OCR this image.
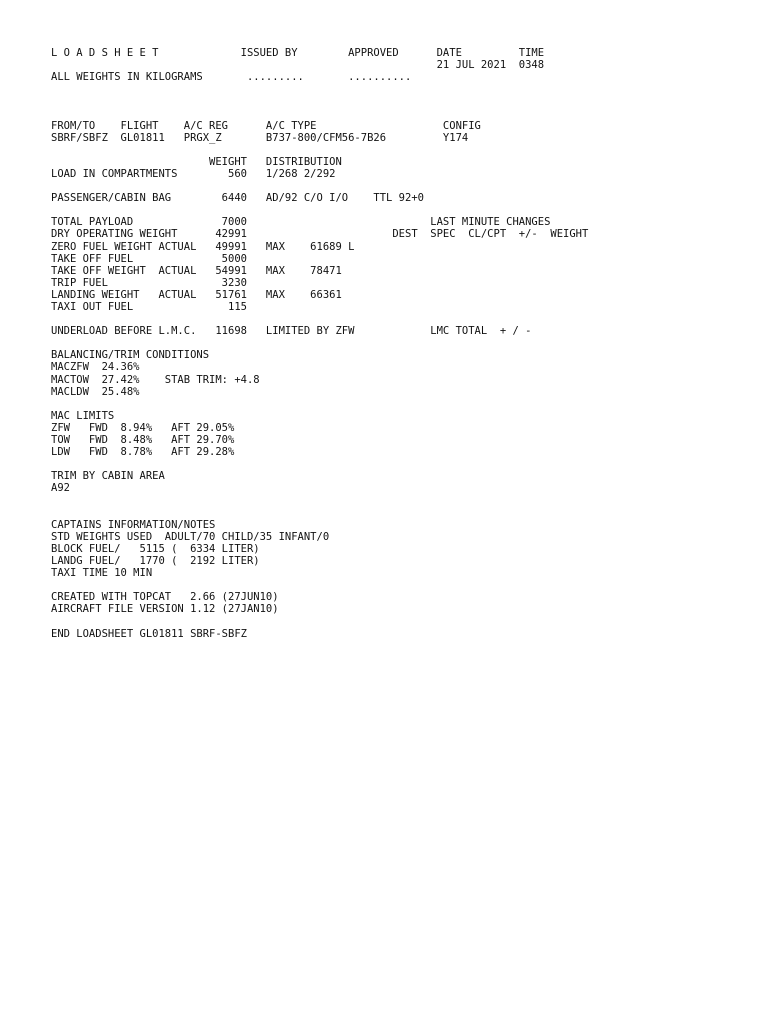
L O A D S H E E T             ISSUED BY        APPROVED      DATE         TIME
21 JUL 2021  0348
ALL WEIGHTS IN KILOGRAMS       .........       ..........
FROM/TO    FLIGHT    A/C REG      A/C TYPE                    CONFIG
SBRF/SBFZ  GL01811   PRGX_Z       B737-800/CFM56-7B26         Y174
WEIGHT   DISTRIBUTION
LOAD IN COMPARTMENTS        560   1/268 2/292
PASSENGER/CABIN BAG        6440   AD/92 C/O I/O    TTL 92+0
TOTAL PAYLOAD              7000                             LAST MINUTE CHANGES
DRY OPERATING WEIGHT      42991                       DEST  SPEC  CL/CPT  +/-  WEIGHT
ZERO FUEL WEIGHT ACTUAL   49991   MAX    61689 L
TAKE OFF FUEL              5000
TAKE OFF WEIGHT  ACTUAL   54991   MAX    78471
TRIP FUEL                  3230
LANDING WEIGHT   ACTUAL   51761   MAX    66361
TAXI OUT FUEL               115
UNDERLOAD BEFORE L.M.C.   11698   LIMITED BY ZFW            LMC TOTAL  + / -
BALANCING/TRIM CONDITIONS
MACZFW  24.36%
MACTOW  27.42%    STAB TRIM: +4.8
MACLDW  25.48%
MAC LIMITS
ZFW   FWD  8.94%   AFT 29.05%
TOW   FWD  8.48%   AFT 29.70%
LDW   FWD  8.78%   AFT 29.28%
TRIM BY CABIN AREA
A92
CAPTAINS INFORMATION/NOTES
STD WEIGHTS USED  ADULT/70 CHILD/35 INFANT/0
BLOCK FUEL/   5115 (  6334 LITER)
LANDG FUEL/   1770 (  2192 LITER)
TAXI TIME 10 MIN
CREATED WITH TOPCAT   2.66 (27JUN10)
AIRCRAFT FILE VERSION 1.12 (27JAN10)
END LOADSHEET GL01811 SBRF-SBFZ
